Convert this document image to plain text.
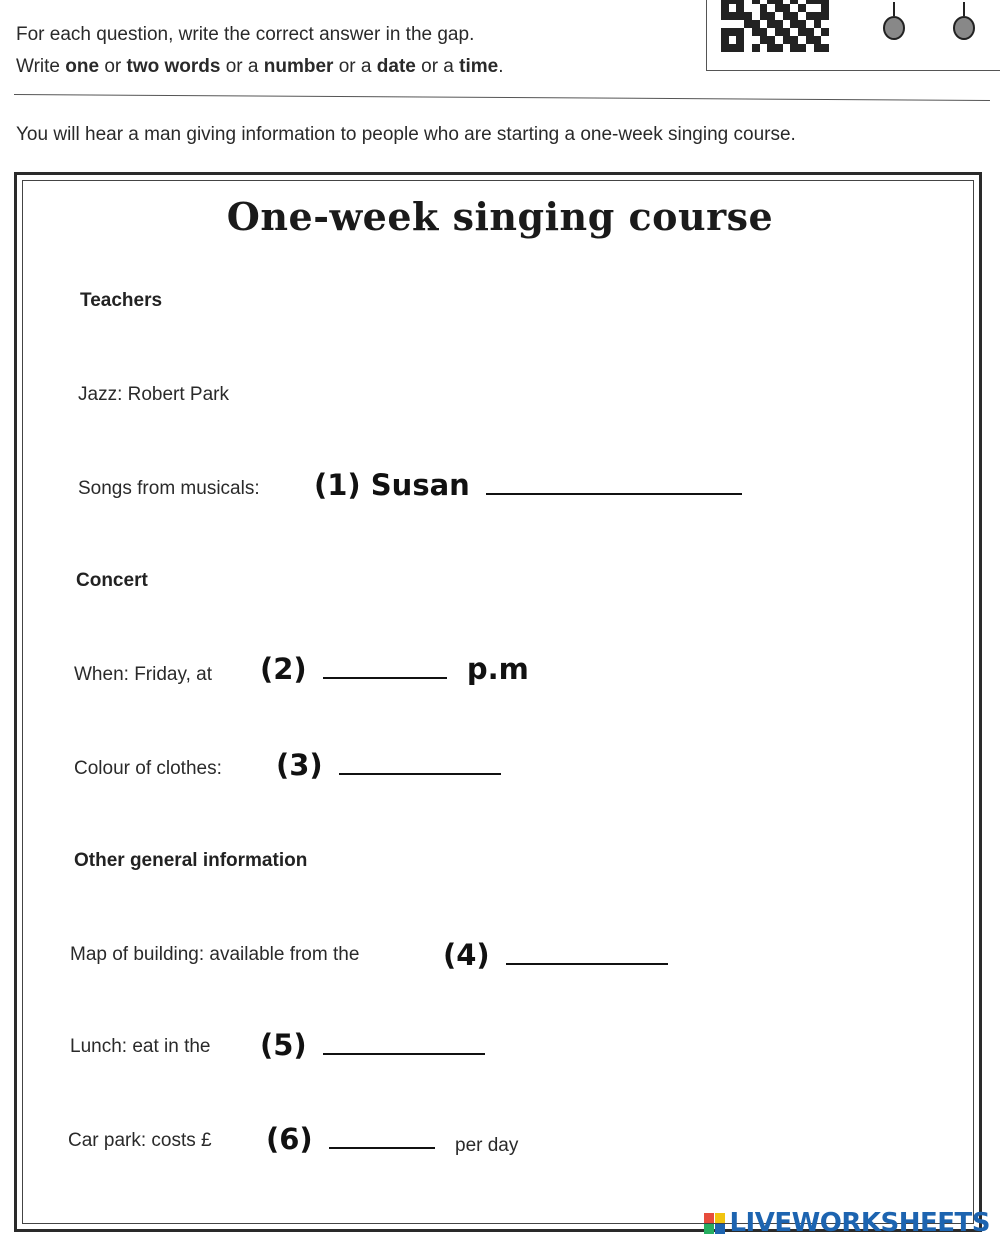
For each question, write the correct answer in the gap.
Write one or two words or a number or a date or a time.
You will hear a man giving information to people who are starting a one-week singing course.
One-week singing course
Teachers
Jazz: Robert Park
Songs from musicals: (1) Susan
Concert
When: Friday, at (2)	p.m
Colour of clothes: (3)
Other general information
Map of building: available from the	(4)
Lunch: eat in the (5)
Car park: costs £ (6)	per day
LIVEWORKSHEETS
